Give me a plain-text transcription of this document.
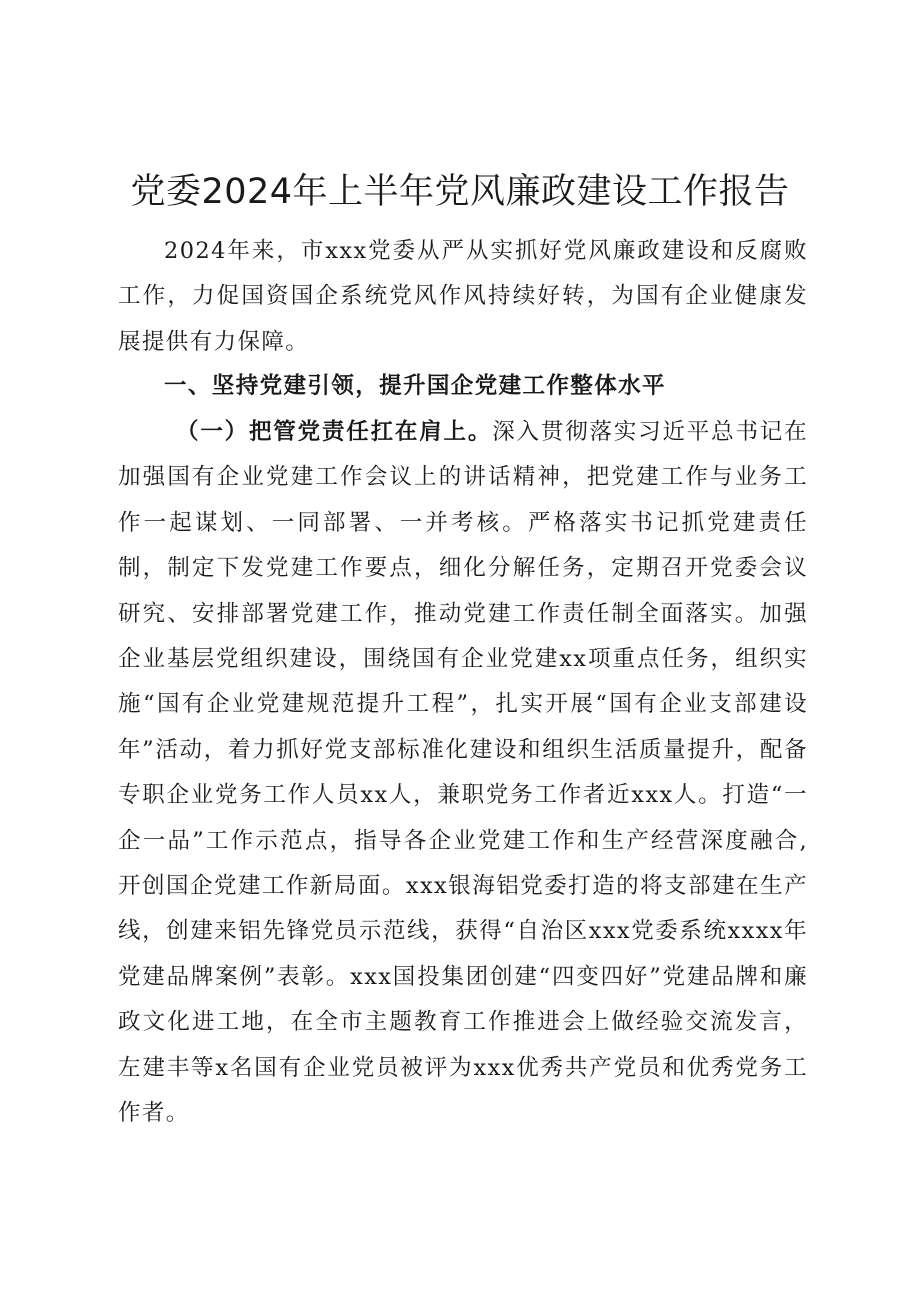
党委2024年上半年党风廉政建设工作报告

2024年来，市xxx党委从严从实抓好党风廉政建设和反腐败工作，力促国资国企系统党风作风持续好转，为国有企业健康发展提供有力保障。

一、坚持党建引领，提升国企党建工作整体水平

（一）把管党责任扛在肩上。深入贯彻落实习近平总书记在加强国有企业党建工作会议上的讲话精神，把党建工作与业务工作一起谋划、一同部署、一并考核。严格落实书记抓党建责任制，制定下发党建工作要点，细化分解任务，定期召开党委会议研究、安排部署党建工作，推动党建工作责任制全面落实。加强企业基层党组织建设，围绕国有企业党建xx项重点任务，组织实施“国有企业党建规范提升工程”，扎实开展“国有企业支部建设年”活动，着力抓好党支部标准化建设和组织生活质量提升，配备专职企业党务工作人员xx人，兼职党务工作者近xxx人。打造“一企一品”工作示范点，指导各企业党建工作和生产经营深度融合,开创国企党建工作新局面。xxx银海铝党委打造的将支部建在生产线，创建来铝先锋党员示范线，获得“自治区xxx党委系统xxxx年党建品牌案例”表彰。xxx国投集团创建“四变四好”党建品牌和廉政文化进工地，在全市主题教育工作推进会上做经验交流发言，左建丰等x名国有企业党员被评为xxx优秀共产党员和优秀党务工作者。
